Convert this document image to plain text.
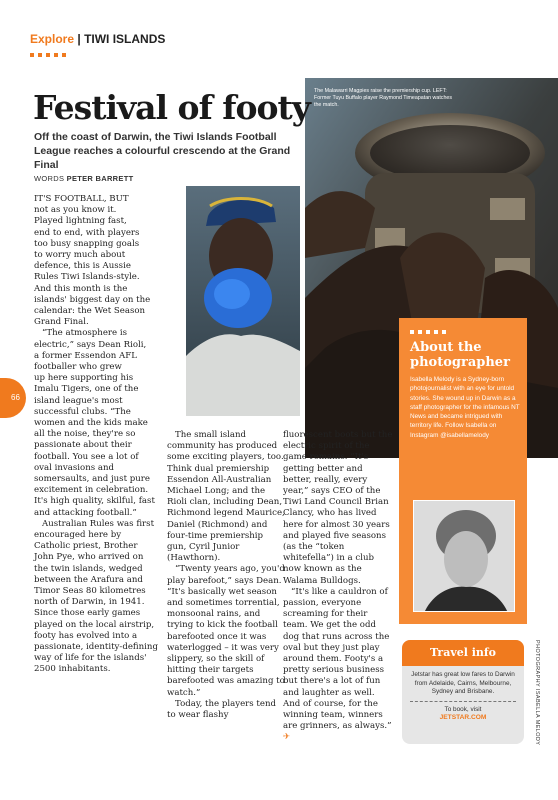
Explore | TIWI ISLANDS
The Malawarri Magpies raise the premiership cup. LEFT: Former Tuyu Buffalo player Raymond Timeapatan watches the match.
Festival of footy
Off the coast of Darwin, the Tiwi Islands Football League reaches a colourful crescendo at the Grand Final
WORDS PETER BARRETT

IT'S FOOTBALL, BUT

not as you know it.

Played lightning fast,

end to end, with players

too busy snapping goals

to worry much about

defence, this is Aussie

Rules Tiwi Islands-style.

And this month is the

islands' biggest day on the

calendar: the Wet Season

Grand Final.

“The atmosphere is

electric,” says Dean Rioli,

a former Essendon AFL

footballer who grew

up here supporting his

Imalu Tigers, one of the

island league's most

successful clubs. “The

women and the kids make all the noise, they're so passionate about their football. You see a lot of oval invasions and somersaults, and just pure excitement in celebration. It's high quality, skilful, fast and attacking football.”

Australian Rules was first encouraged here by Catholic priest, Brother John Pye, who arrived on the twin islands, wedged between the Arafura and Timor Seas 80 kilometres north of Darwin, in 1941. Since those early games played on the local airstrip, footy has evolved into a passionate, identity-defining way of life for the islands' 2500 inhabitants.

The small island community has produced some exciting players, too. Think dual premiership Essendon All-Australian Michael Long; and the Rioli clan, including Dean, Richmond legend Maurice, Daniel (Richmond) and four-time premiership gun, Cyril Junior (Hawthorn).

“Twenty years ago, you'd play barefoot,” says Dean. “It's basically wet season and sometimes torrential, monsoonal rains, and trying to kick the football barefooted once it was waterlogged – it was very slippery, so the skill of hitting their targets barefooted was amazing to watch.”

Today, the players tend to wear flashy

fluorescent boots but the electric spirit of the game remains. “It's getting better and better, really, every year,” says CEO of the Tiwi Land Council Brian Clancy, who has lived here for almost 30 years and played five seasons (as the “token whitefella”) in a club now known as the Walama Bulldogs.

“It's like a cauldron of passion, everyone screaming for their team. We get the odd dog that runs across the oval but they just play around them. Footy's a pretty serious business but there's a lot of fun and laughter as well. And of course, for the winning team, winners are grinners, as always.”

✈
66
About the photographer
Isabella Melody is a Sydney-born photojournalist with an eye for untold stories. She wound up in Darwin as a staff photographer for the infamous NT News and became intrigued with territory life. Follow Isabella on Instagram @isabellamelody
Travel info
Jetstar has great low fares to Darwin from Adelaide, Cairns, Melbourne, Sydney and Brisbane.
To book, visit
JETSTAR.COM	PHOTOGRAPHY ISABELLA MELODY
